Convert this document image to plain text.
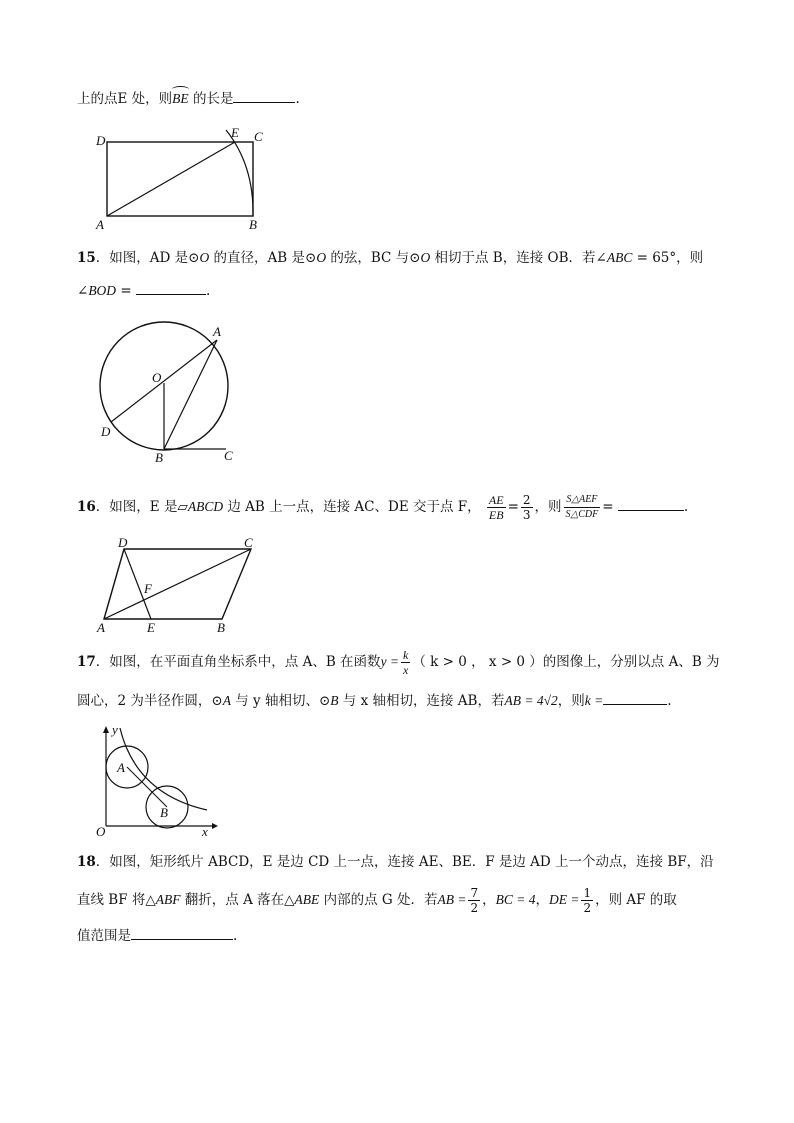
上的点E 处，则BE 的长是	.
D
E C
A	B
15．如图，AD 是⊙O 的直径，AB 是⊙O 的弦，BC 与⊙O 相切于点 B，连接 OB．若∠ABC = 65°，则
∠BOD =	.
A
O
D
B	C
16．如图，E 是▱ABCD 边 AB 上一点，连接 AC、DE 交于点 F， $\frac{AE}{EB} = \frac{2}{3}$ ，则 $\frac{\text{S△AEF}}{\text{S△CDF}}$ =	.
D	C
F
A	E	B
17．如图，在平面直角坐标系中，点 A、B 在函数$y = \frac{k}{x}$ （ k > 0 ， x > 0 ）的图像上，分别以点 A、B 为
圆心，2 为半径作圆，⊙A 与 y 轴相切、⊙B 与 x 轴相切，连接 AB，若AB = 4√2，则k =	.
y
A
B
O	x
18．如图，矩形纸片 ABCD，E 是边 CD 上一点，连接 AE、BE．F 是边 AD 上一个动点，连接 BF，沿
直线 BF 将△ABF 翻折，点 A 落在△ABE 内部的点 G 处．若AB = $\frac{7}{2}$ ，BC = 4，DE = $\frac{1}{2}$ ，则 AF 的取
值范围是	.
